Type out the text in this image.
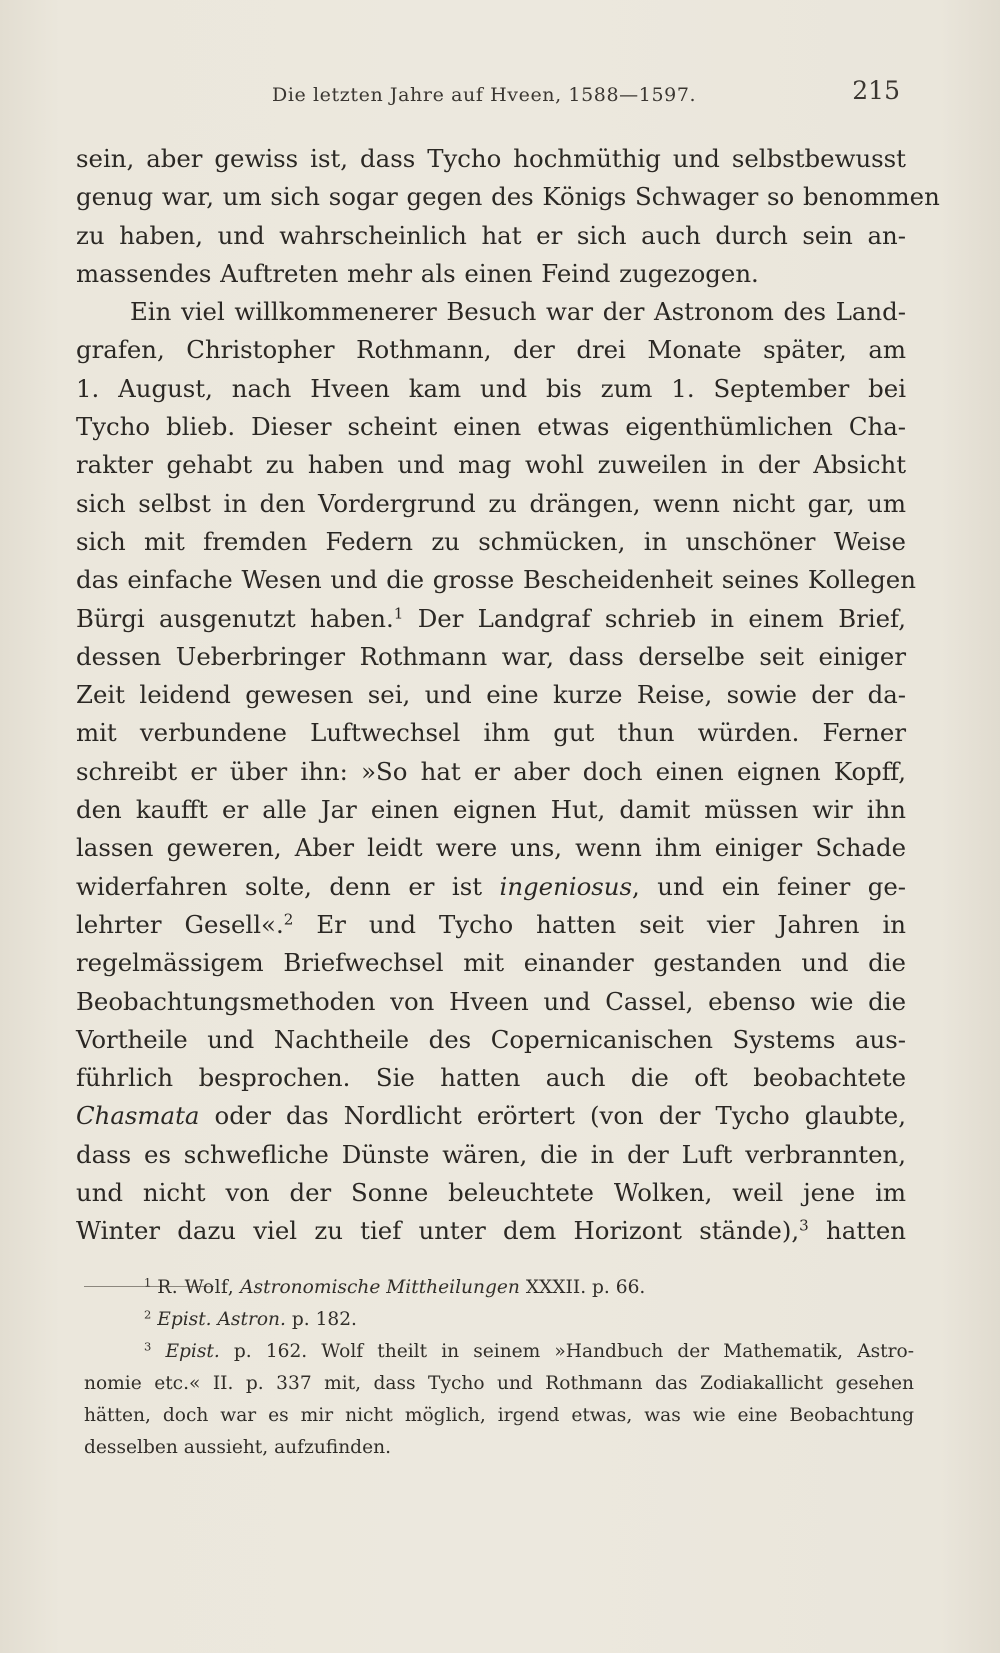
Die letzten Jahre auf Hveen, 1588—1597.	215
sein, aber gewiss ist, dass Tycho hochmüthig und selbstbewusst
genug war, um sich sogar gegen des Königs Schwager so benommen
zu haben, und wahrscheinlich hat er sich auch durch sein an-
massendes Auftreten mehr als einen Feind zugezogen.
Ein viel willkommenerer Besuch war der Astronom des Land-
grafen, Christopher Rothmann, der drei Monate später, am
1. August, nach Hveen kam und bis zum 1. September bei
Tycho blieb. Dieser scheint einen etwas eigenthümlichen Cha-
rakter gehabt zu haben und mag wohl zuweilen in der Absicht
sich selbst in den Vordergrund zu drängen, wenn nicht gar, um
sich mit fremden Federn zu schmücken, in unschöner Weise
das einfache Wesen und die grosse Bescheidenheit seines Kollegen
Bürgi ausgenutzt haben.$^1$ Der Landgraf schrieb in einem Brief,
dessen Ueberbringer Rothmann war, dass derselbe seit einiger
Zeit leidend gewesen sei, und eine kurze Reise, sowie der da-
mit verbundene Luftwechsel ihm gut thun würden. Ferner
schreibt er über ihn: »So hat er aber doch einen eignen Kopff,
den kaufft er alle Jar einen eignen Hut, damit müssen wir ihn
lassen geweren, Aber leidt were uns, wenn ihm einiger Schade
widerfahren solte, denn er ist ingeniosus, und ein feiner ge-
lehrter Gesell«.$^2$ Er und Tycho hatten seit vier Jahren in
regelmässigem Briefwechsel mit einander gestanden und die
Beobachtungsmethoden von Hveen und Cassel, ebenso wie die
Vortheile und Nachtheile des Copernicanischen Systems aus-
führlich besprochen. Sie hatten auch die oft beobachtete
Chasmata oder das Nordlicht erörtert (von der Tycho glaubte,
dass es schwefliche Dünste wären, die in der Luft verbrannten,
und nicht von der Sonne beleuchtete Wolken, weil jene im
Winter dazu viel zu tief unter dem Horizont stände),$^3$ hatten
$^1$ R. Wolf, Astronomische Mittheilungen XXXII. p. 66.
$^2$ Epist. Astron. p. 182.
$^3$ Epist. p. 162. Wolf theilt in seinem »Handbuch der Mathematik, Astro-
nomie etc.« II. p. 337 mit, dass Tycho und Rothmann das Zodiakallicht gesehen
hätten, doch war es mir nicht möglich, irgend etwas, was wie eine Beobachtung
desselben aussieht, aufzufinden.
